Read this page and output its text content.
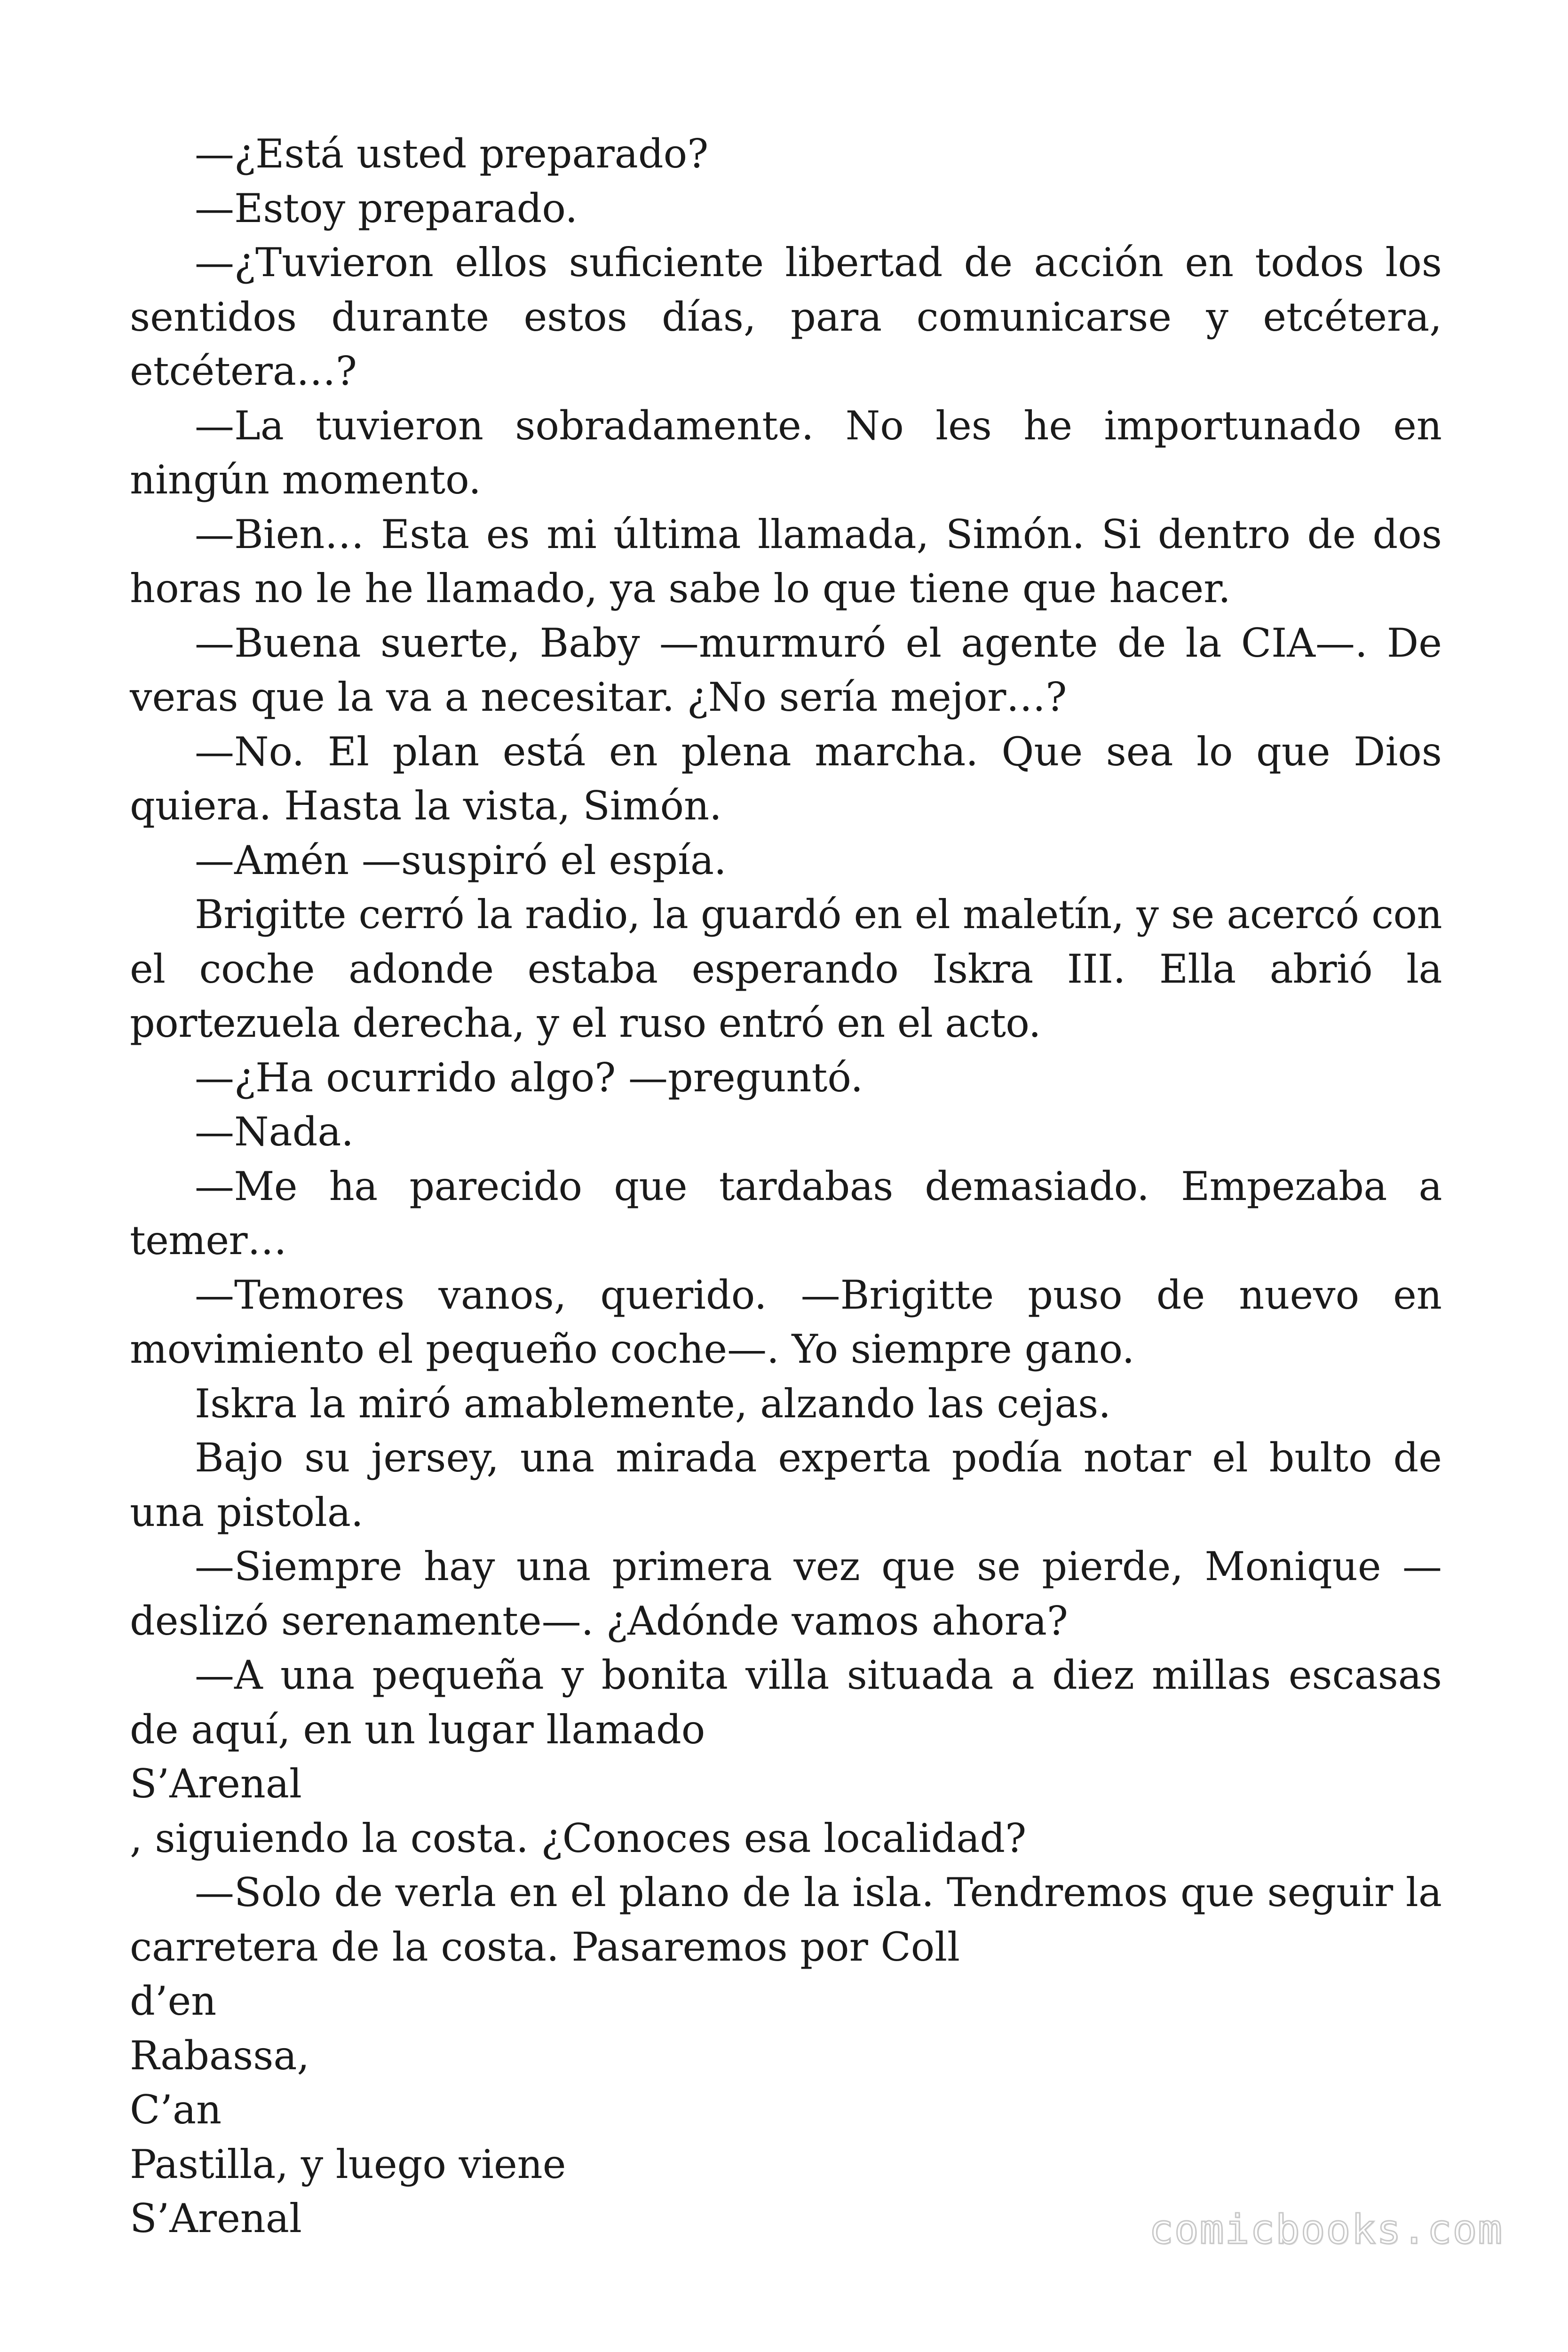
—¿Está usted preparado?

—Estoy preparado.

—¿Tuvieron ellos suficiente libertad de acción en todos los sentidos durante estos días, para comunicarse y etcétera, etcétera…?

—La tuvieron sobradamente. No les he importunado en ningún momento.

—Bien… Esta es mi última llamada, Simón. Si dentro de dos horas no le he llamado, ya sabe lo que tiene que hacer.

—Buena suerte, Baby —murmuró el agente de la CIA—. De veras que la va a necesitar. ¿No sería mejor…?

—No. El plan está en plena marcha. Que sea lo que Dios quiera. Hasta la vista, Simón.

—Amén —suspiró el espía.

Brigitte cerró la radio, la guardó en el maletín, y se acercó con el coche adonde estaba esperando Iskra III. Ella abrió la portezuela derecha, y el ruso entró en el acto.

—¿Ha ocurrido algo? —preguntó.

—Nada.

—Me ha parecido que tardabas demasiado. Empezaba a temer…

—Temores vanos, querido. —Brigitte puso de nuevo en movimiento el pequeño coche—. Yo siempre gano.

Iskra la miró amablemente, alzando las cejas.

Bajo su jersey, una mirada experta podía notar el bulto de una pistola.

—Siempre hay una primera vez que se pierde, Monique —deslizó serenamente—. ¿Adónde vamos ahora?

—A una pequeña y bonita villa situada a diez millas escasas de aquí, en un lugar llamado

S’Arenal

, siguiendo la costa. ¿Conoces esa localidad?

—Solo de verla en el plano de la isla. Tendremos que seguir la carretera de la costa. Pasaremos por Coll

d’en

Rabassa,

C’an

Pastilla, y luego viene

S’Arenal	comicbooks.com
